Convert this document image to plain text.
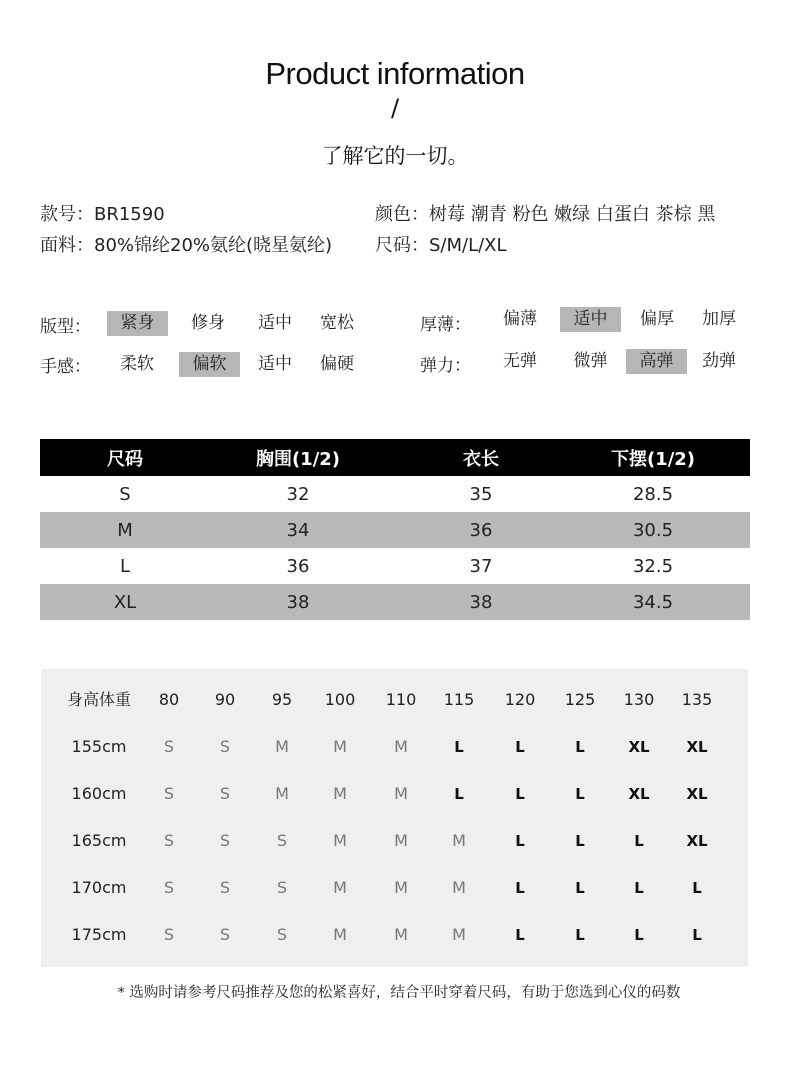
Product information
/
了解它的一切。
款号：BR1590
面料：80%锦纶20%氨纶(晓星氨纶)
颜色：树莓 潮青 粉色 嫩绿 白蛋白 茶棕 黑
尺码：S/M/L/XL
版型：	紧身	修身	适中	宽松
手感：	柔软	偏软	适中	偏硬
厚薄：	偏薄	适中	偏厚	加厚
弹力：	无弹	微弹	高弹	劲弹
尺码	胸围(1/2)	衣长	下摆(1/2)
S	32	35	28.5
M	34	36	30.5
L	36	37	32.5
XL	38	38	34.5
身高体重	80	90	95	100	110	115	120	125	130	135
155cm	S	S	M	M	M	L	L	L	XL	XL
160cm	S	S	M	M	M	L	L	L	XL	XL
165cm	S	S	S	M	M	M	L	L	L	XL
170cm	S	S	S	M	M	M	L	L	L	L
175cm	S	S	S	M	M	M	L	L	L	L
* 选购时请参考尺码推荐及您的松紧喜好，结合平时穿着尺码，有助于您选到心仪的码数
